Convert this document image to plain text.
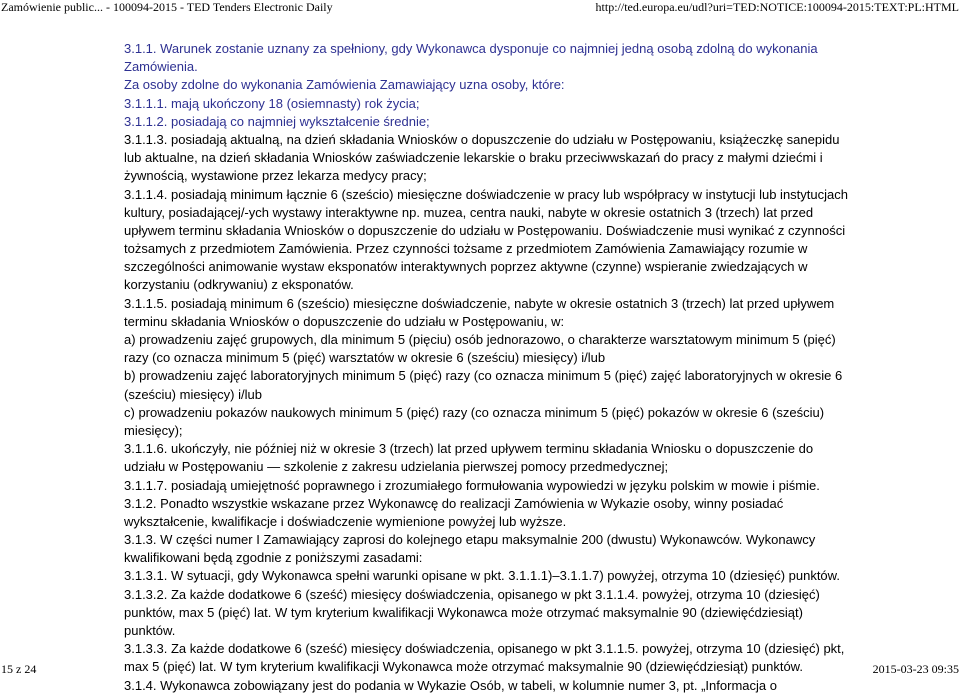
Zamówienie public... - 100094-2015 - TED Tenders Electronic Daily	http://ted.europa.eu/udl?uri=TED:NOTICE:100094-2015:TEXT:PL:HTML
3.1.1. Warunek zostanie uznany za spełniony, gdy Wykonawca dysponuje co najmniej jedną osobą zdolną do wykonania
Zamówienia.
Za osoby zdolne do wykonania Zamówienia Zamawiający uzna osoby, które:
3.1.1.1. mają ukończony 18 (osiemnasty) rok życia;
3.1.1.2. posiadają co najmniej wykształcenie średnie;
3.1.1.3. posiadają aktualną, na dzień składania Wniosków o dopuszczenie do udziału w Postępowaniu, książeczkę sanepidu
lub aktualne, na dzień składania Wniosków zaświadczenie lekarskie o braku przeciwwskazań do pracy z małymi dziećmi i
żywnością, wystawione przez lekarza medycy pracy;
3.1.1.4. posiadają minimum łącznie 6 (sześcio) miesięczne doświadczenie w pracy lub współpracy w instytucji lub instytucjach
kultury, posiadającej/-ych wystawy interaktywne np. muzea, centra nauki, nabyte w okresie ostatnich 3 (trzech) lat przed
upływem terminu składania Wniosków o dopuszczenie do udziału w Postępowaniu. Doświadczenie musi wynikać z czynności
tożsamych z przedmiotem Zamówienia. Przez czynności tożsame z przedmiotem Zamówienia Zamawiający rozumie w
szczególności animowanie wystaw eksponatów interaktywnych poprzez aktywne (czynne) wspieranie zwiedzających w
korzystaniu (odkrywaniu) z eksponatów.
3.1.1.5. posiadają minimum 6 (sześcio) miesięczne doświadczenie, nabyte w okresie ostatnich 3 (trzech) lat przed upływem
terminu składania Wniosków o dopuszczenie do udziału w Postępowaniu, w:
a) prowadzeniu zajęć grupowych, dla minimum 5 (pięciu) osób jednorazowo, o charakterze warsztatowym minimum 5 (pięć)
razy (co oznacza minimum 5 (pięć) warsztatów w okresie 6 (sześciu) miesięcy) i/lub
b) prowadzeniu zajęć laboratoryjnych minimum 5 (pięć) razy (co oznacza minimum 5 (pięć) zajęć laboratoryjnych w okresie 6
(sześciu) miesięcy) i/lub
c) prowadzeniu pokazów naukowych minimum 5 (pięć) razy (co oznacza minimum 5 (pięć) pokazów w okresie 6 (sześciu)
miesięcy);
3.1.1.6. ukończyły, nie później niż w okresie 3 (trzech) lat przed upływem terminu składania Wniosku o dopuszczenie do
udziału w Postępowaniu — szkolenie z zakresu udzielania pierwszej pomocy przedmedycznej;
3.1.1.7. posiadają umiejętność poprawnego i zrozumiałego formułowania wypowiedzi w języku polskim w mowie i piśmie.
3.1.2. Ponadto wszystkie wskazane przez Wykonawcę do realizacji Zamówienia w Wykazie osoby, winny posiadać
wykształcenie, kwalifikacje i doświadczenie wymienione powyżej lub wyższe.
3.1.3. W części numer I Zamawiający zaprosi do kolejnego etapu maksymalnie 200 (dwustu) Wykonawców. Wykonawcy
kwalifikowani będą zgodnie z poniższymi zasadami:
3.1.3.1. W sytuacji, gdy Wykonawca spełni warunki opisane w pkt. 3.1.1.1)–3.1.1.7) powyżej, otrzyma 10 (dziesięć) punktów.
3.1.3.2. Za każde dodatkowe 6 (sześć) miesięcy doświadczenia, opisanego w pkt 3.1.1.4. powyżej, otrzyma 10 (dziesięć)
punktów, max 5 (pięć) lat. W tym kryterium kwalifikacji Wykonawca może otrzymać maksymalnie 90 (dziewięćdziesiąt)
punktów.
3.1.3.3. Za każde dodatkowe 6 (sześć) miesięcy doświadczenia, opisanego w pkt 3.1.1.5. powyżej, otrzyma 10 (dziesięć) pkt,
max 5 (pięć) lat. W tym kryterium kwalifikacji Wykonawca może otrzymać maksymalnie 90 (dziewięćdziesiąt) punktów.
3.1.4. Wykonawca zobowiązany jest do podania w Wykazie Osób, w tabeli, w kolumnie numer 3, pt. „Informacja o
15 z 24	2015-03-23 09:35
